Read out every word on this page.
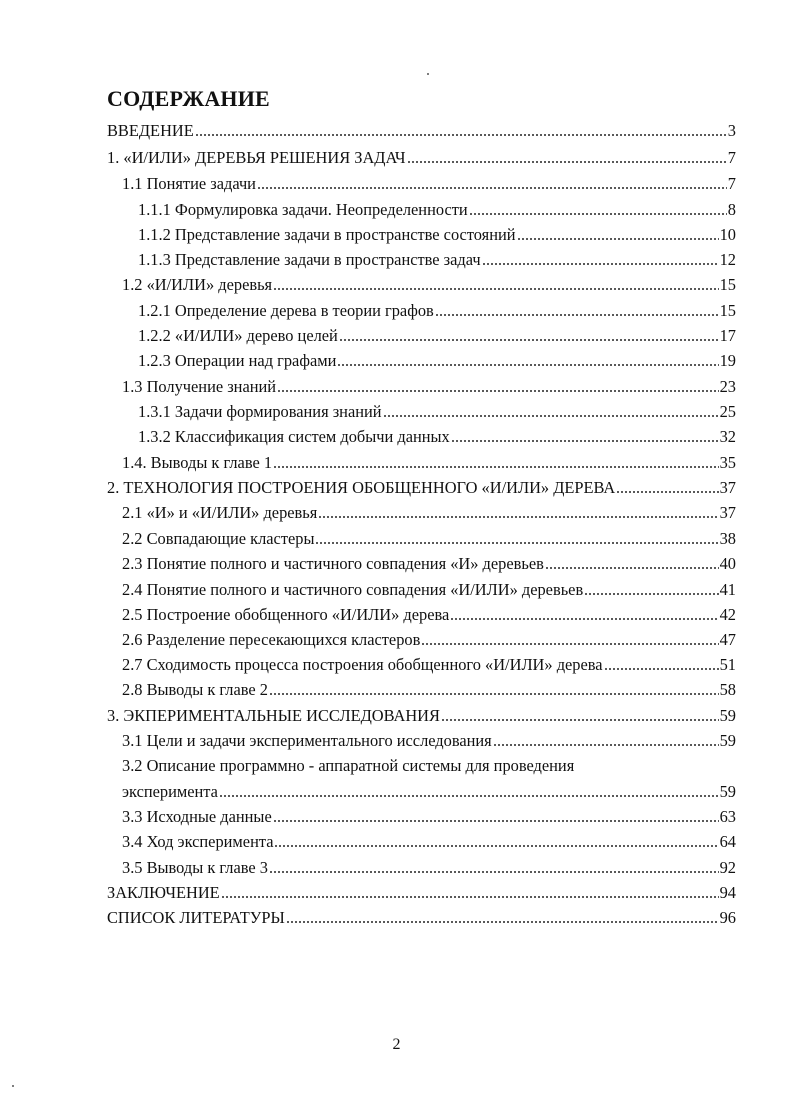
СОДЕРЖАНИЕ
ВВЕДЕНИЕ	3
1. «И/ИЛИ» ДЕРЕВЬЯ РЕШЕНИЯ ЗАДАЧ	7
1.1 Понятие задачи	7
1.1.1 Формулировка задачи. Неопределенности	8
1.1.2 Представление задачи в пространстве состояний	10
1.1.3 Представление задачи в пространстве задач	12
1.2 «И/ИЛИ» деревья	15
1.2.1 Определение дерева в теории графов	15
1.2.2 «И/ИЛИ» дерево целей	17
1.2.3 Операции над графами	19
1.3 Получение знаний	23
1.3.1 Задачи формирования знаний	25
1.3.2 Классификация систем добычи данных	32
1.4. Выводы к главе 1	35
2. ТЕХНОЛОГИЯ ПОСТРОЕНИЯ ОБОБЩЕННОГО «И/ИЛИ» ДЕРЕВА	37
2.1 «И» и «И/ИЛИ» деревья	37
2.2 Совпадающие кластеры	38
2.3 Понятие полного и частичного совпадения «И» деревьев	40
2.4 Понятие полного и частичного совпадения «И/ИЛИ» деревьев	41
2.5 Построение обобщенного «И/ИЛИ» дерева	42
2.6 Разделение пересекающихся кластеров	47
2.7 Сходимость процесса построения обобщенного «И/ИЛИ» дерева	51
2.8 Выводы к главе 2	58
3. ЭКПЕРИМЕНТАЛЬНЫЕ ИССЛЕДОВАНИЯ	59
3.1 Цели и задачи экспериментального исследования	59
3.2 Описание программно - аппаратной системы для проведения
эксперимента	59
3.3 Исходные данные	63
3.4 Ход эксперимента	64
3.5 Выводы к главе 3	92
ЗАКЛЮЧЕНИЕ	94
СПИСОК ЛИТЕРАТУРЫ	96
2
